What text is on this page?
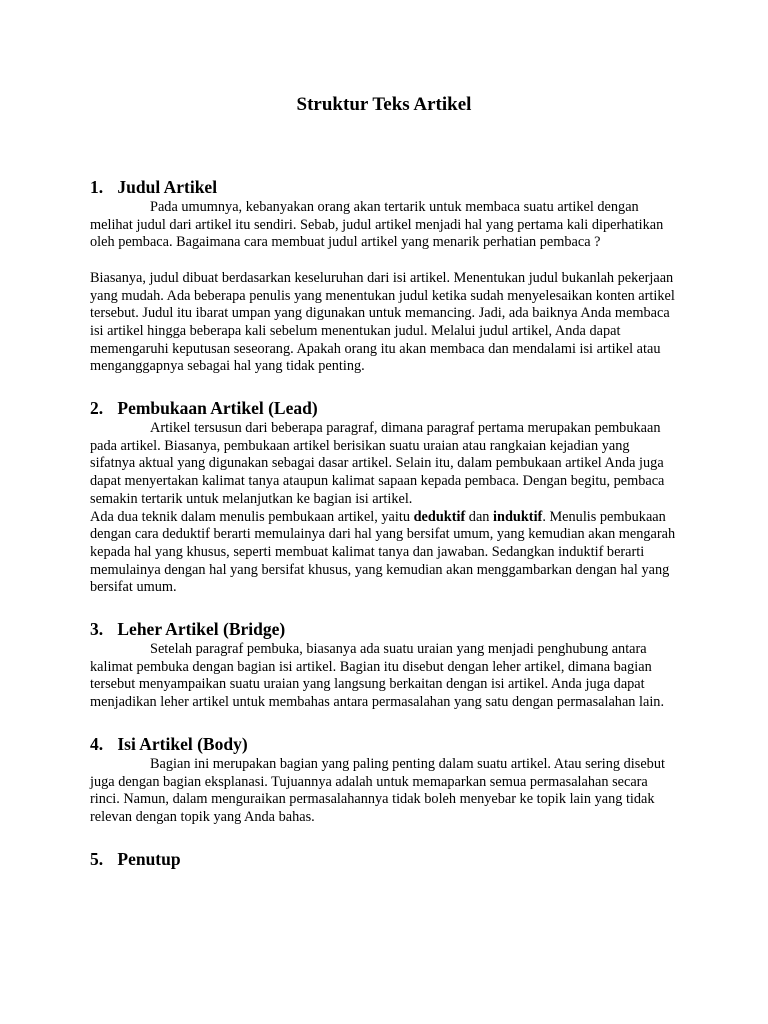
Struktur Teks Artikel
1. Judul Artikel

Pada umumnya, kebanyakan orang akan tertarik untuk membaca suatu artikel dengan melihat judul dari artikel itu sendiri. Sebab, judul artikel menjadi hal yang pertama kali diperhatikan oleh pembaca. Bagaimana cara membuat judul artikel yang menarik perhatian pembaca ?

Biasanya, judul dibuat berdasarkan keseluruhan dari isi artikel. Menentukan judul bukanlah pekerjaan yang mudah. Ada beberapa penulis yang menentukan judul ketika sudah menyelesaikan konten artikel tersebut. Judul itu ibarat umpan yang digunakan untuk memancing. Jadi, ada baiknya Anda membaca isi artikel hingga beberapa kali sebelum menentukan judul. Melalui judul artikel, Anda dapat memengaruhi keputusan seseorang. Apakah orang itu akan membaca dan mendalami isi artikel atau menganggapnya sebagai hal yang tidak penting.

2. Pembukaan Artikel (Lead)

Artikel tersusun dari beberapa paragraf, dimana paragraf pertama merupakan pembukaan pada artikel. Biasanya, pembukaan artikel berisikan suatu uraian atau rangkaian kejadian yang sifatnya aktual yang digunakan sebagai dasar artikel. Selain itu, dalam pembukaan artikel Anda juga dapat menyertakan kalimat tanya ataupun kalimat sapaan kepada pembaca. Dengan begitu, pembaca semakin tertarik untuk melanjutkan ke bagian isi artikel.

Ada dua teknik dalam menulis pembukaan artikel, yaitu deduktif dan induktif. Menulis pembukaan dengan cara deduktif berarti memulainya dari hal yang bersifat umum, yang kemudian akan mengarah kepada hal yang khusus, seperti membuat kalimat tanya dan jawaban. Sedangkan induktif berarti memulainya dengan hal yang bersifat khusus, yang kemudian akan menggambarkan dengan hal yang bersifat umum.

3. Leher Artikel (Bridge)

Setelah paragraf pembuka, biasanya ada suatu uraian yang menjadi penghubung antara kalimat pembuka dengan bagian isi artikel. Bagian itu disebut dengan leher artikel, dimana bagian tersebut menyampaikan suatu uraian yang langsung berkaitan dengan isi artikel. Anda juga dapat menjadikan leher artikel untuk membahas antara permasalahan yang satu dengan permasalahan lain.

4. Isi Artikel (Body)

Bagian ini merupakan bagian yang paling penting dalam suatu artikel. Atau sering disebut juga dengan bagian eksplanasi. Tujuannya adalah untuk memaparkan semua permasalahan secara rinci. Namun, dalam menguraikan permasalahannya tidak boleh menyebar ke topik lain yang tidak relevan dengan topik yang Anda bahas.

5. Penutup
